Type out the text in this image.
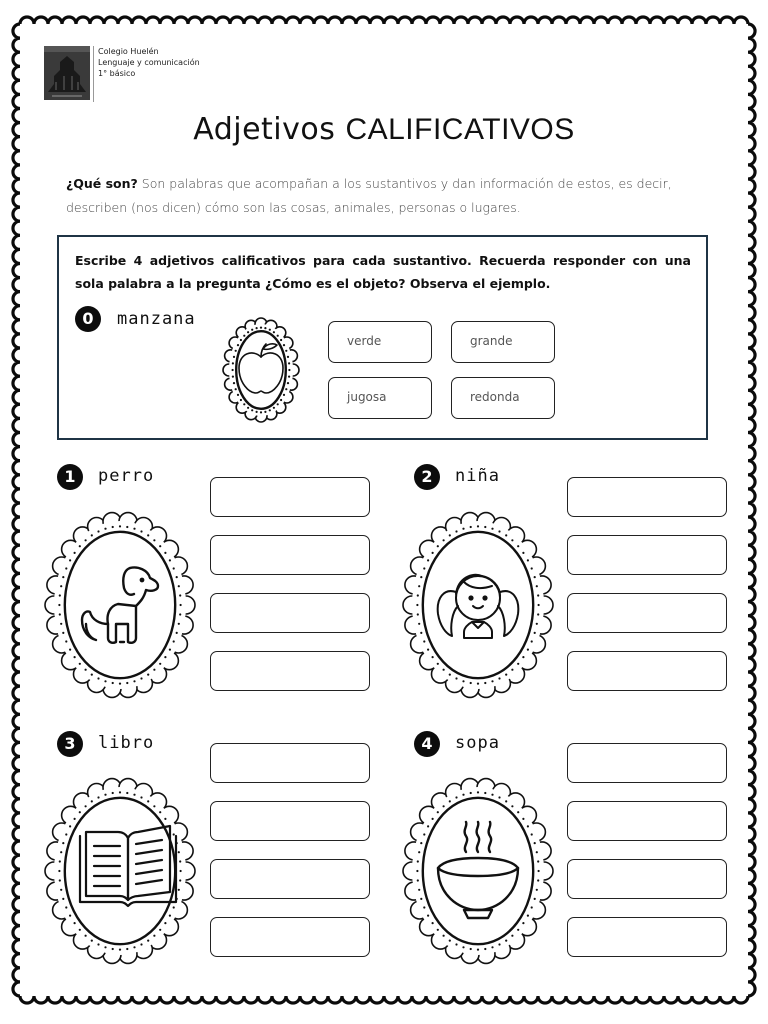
Colegio Huelén
Lenguaje y comunicación
1° básico
Adjetivos CALIFICATIVOS
¿Qué son? Son palabras que acompañan a los sustantivos y dan información de estos, es decir, describen (nos dicen) cómo son las cosas, animales, personas o lugares.
Escribe 4 adjetivos calificativos para cada sustantivo. Recuerda responder con una sola palabra a la pregunta ¿Cómo es el objeto? Observa el ejemplo.
0	manzana
verde	grande
jugosa	redonda
1	perro	2	niña
3	libro	4	sopa
